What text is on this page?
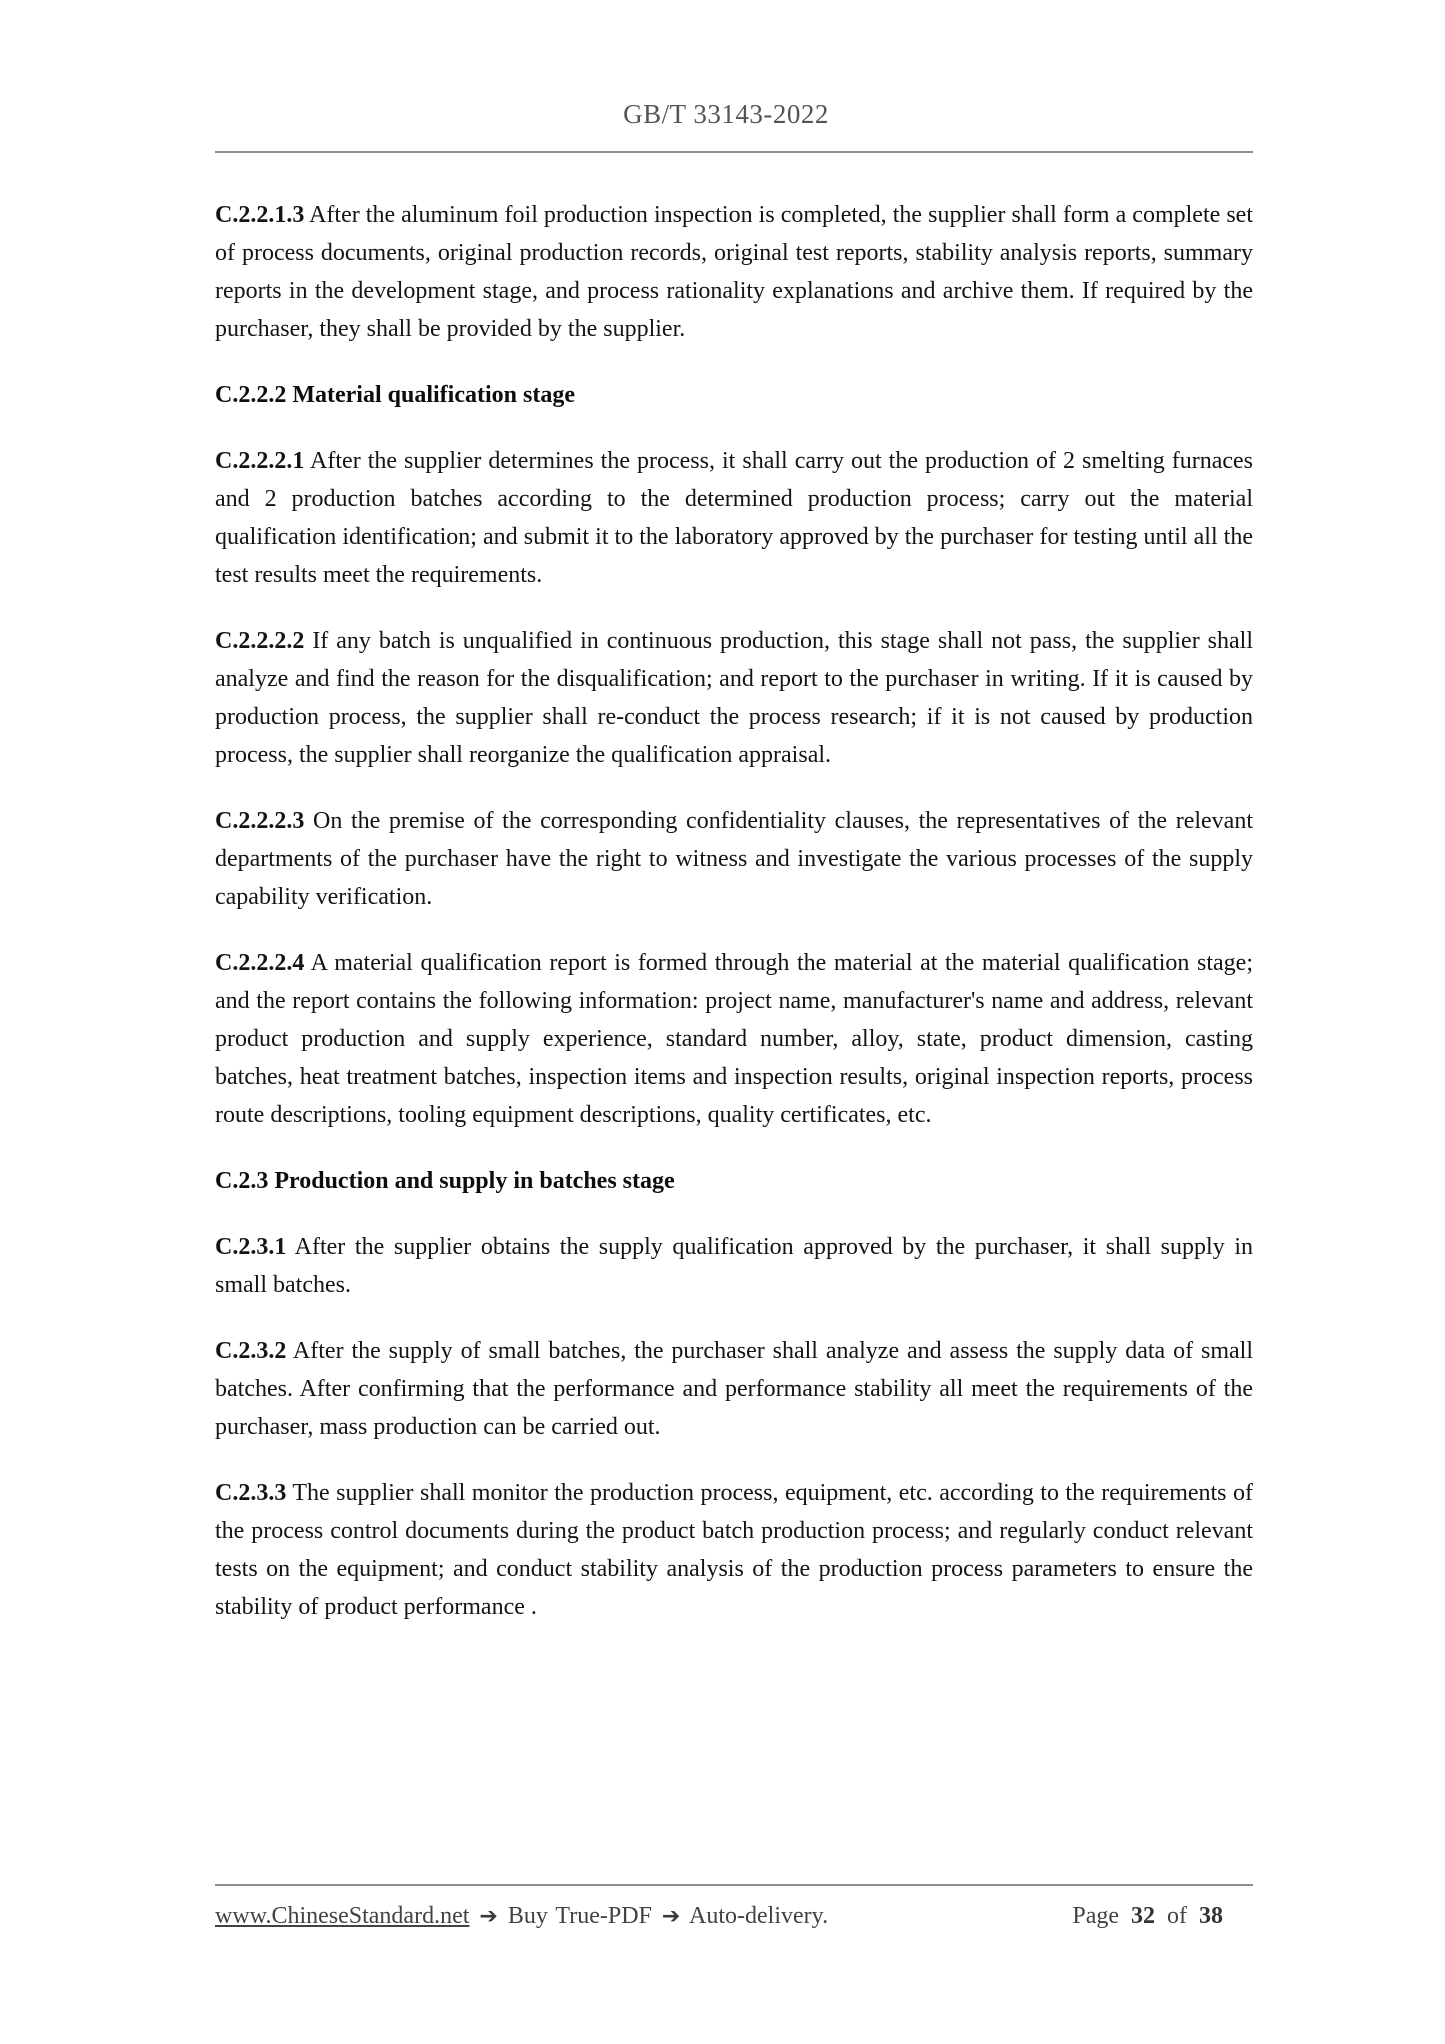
GB/T 33143-2022

C.2.2.1.3 After the aluminum foil production inspection is completed, the supplier shall form a complete set of process documents, original production records, original test reports, stability analysis reports, summary reports in the development stage, and process rationality explanations and archive them. If required by the purchaser, they shall be provided by the supplier.

C.2.2.2 Material qualification stage

C.2.2.2.1 After the supplier determines the process, it shall carry out the production of 2 smelting furnaces and 2 production batches according to the determined production process; carry out the material qualification identification; and submit it to the laboratory approved by the purchaser for testing until all the test results meet the requirements.

C.2.2.2.2 If any batch is unqualified in continuous production, this stage shall not pass, the supplier shall analyze and find the reason for the disqualification; and report to the purchaser in writing. If it is caused by production process, the supplier shall re-conduct the process research; if it is not caused by production process, the supplier shall reorganize the qualification appraisal.

C.2.2.2.3 On the premise of the corresponding confidentiality clauses, the representatives of the relevant departments of the purchaser have the right to witness and investigate the various processes of the supply capability verification.

C.2.2.2.4 A material qualification report is formed through the material at the material qualification stage; and the report contains the following information: project name, manufacturer's name and address, relevant product production and supply experience, standard number, alloy, state, product dimension, casting batches, heat treatment batches, inspection items and inspection results, original inspection reports, process route descriptions, tooling equipment descriptions, quality certificates, etc.

C.2.3 Production and supply in batches stage

C.2.3.1 After the supplier obtains the supply qualification approved by the purchaser, it shall supply in small batches.

C.2.3.2 After the supply of small batches, the purchaser shall analyze and assess the supply data of small batches. After confirming that the performance and performance stability all meet the requirements of the purchaser, mass production can be carried out.

C.2.3.3 The supplier shall monitor the production process, equipment, etc. according to the requirements of the process control documents during the product batch production process; and regularly conduct relevant tests on the equipment; and conduct stability analysis of the production process parameters to ensure the stability of product performance .

www.ChineseStandard.net ➔ Buy True-PDF ➔ Auto-delivery.	Page 32 of 38
